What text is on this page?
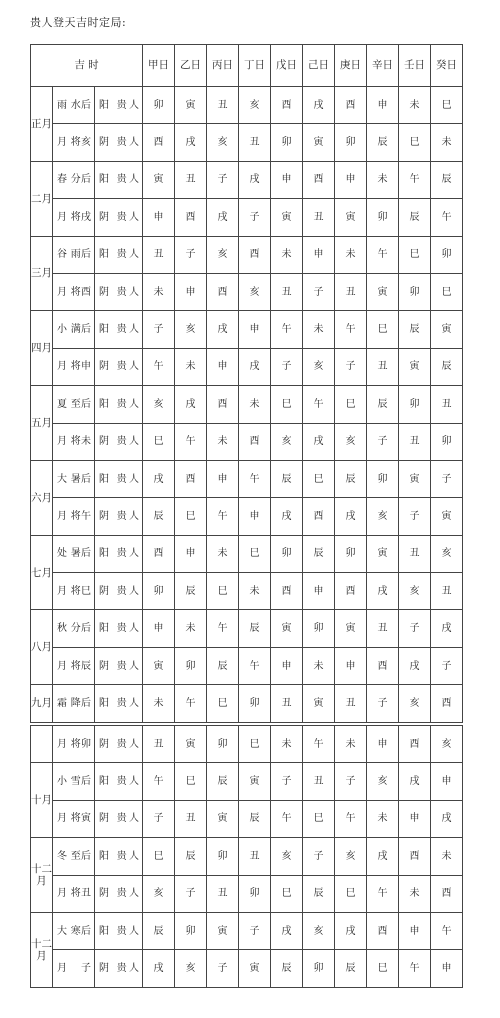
贵人登天吉时定局:
吉 时			甲日	乙日	丙日	丁日	戊日	己日	庚日	辛日	壬日	癸日
正月	雨 水后	阳 贵人	卯	寅	丑	亥	酉	戌	酉	申	未	巳
	月 将亥	阴 贵人	酉	戌	亥	丑	卯	寅	卯	辰	巳	未
二月	春 分后	阳 贵人	寅	丑	子	戌	申	酉	申	未	午	辰
	月 将戌	阴 贵人	申	酉	戌	子	寅	丑	寅	卯	辰	午
三月	谷 雨后	阳 贵人	丑	子	亥	酉	未	申	未	午	巳	卯
	月 将酉	阴 贵人	未	申	酉	亥	丑	子	丑	寅	卯	巳
四月	小 满后	阳 贵人	子	亥	戌	申	午	未	午	巳	辰	寅
	月 将申	阴 贵人	午	未	申	戌	子	亥	子	丑	寅	辰
五月	夏 至后	阳 贵人	亥	戌	酉	未	巳	午	巳	辰	卯	丑
	月 将未	阴 贵人	巳	午	未	酉	亥	戌	亥	子	丑	卯
六月	大 暑后	阳 贵人	戌	酉	申	午	辰	巳	辰	卯	寅	子
	月 将午	阴 贵人	辰	巳	午	申	戌	酉	戌	亥	子	寅
七月	处 暑后	阳 贵人	酉	申	未	巳	卯	辰	卯	寅	丑	亥
	月 将巳	阴 贵人	卯	辰	巳	未	酉	申	酉	戌	亥	丑
八月	秋 分后	阳 贵人	申	未	午	辰	寅	卯	寅	丑	子	戌
	月 将辰	阴 贵人	寅	卯	辰	午	申	未	申	酉	戌	子
九月	霜 降后	阳 贵人	未	午	巳	卯	丑	寅	丑	子	亥	酉
	月 将卯	阴 贵人	丑	寅	卯	巳	未	午	未	申	酉	亥
十月	小 雪后	阳 贵人	午	巳	辰	寅	子	丑	子	亥	戌	申
	月 将寅	阴 贵人	子	丑	寅	辰	午	巳	午	未	申	戌
十二月	冬 至后	阳 贵人	巳	辰	卯	丑	亥	子	亥	戌	酉	未
	月 将丑	阴 贵人	亥	子	丑	卯	巳	辰	巳	午	未	酉
十二月	大 寒后	阳 贵人	辰	卯	寅	子	戌	亥	戌	酉	申	午
	月 子	阴 贵人	戌	亥	子	寅	辰	卯	辰	巳	午	申
